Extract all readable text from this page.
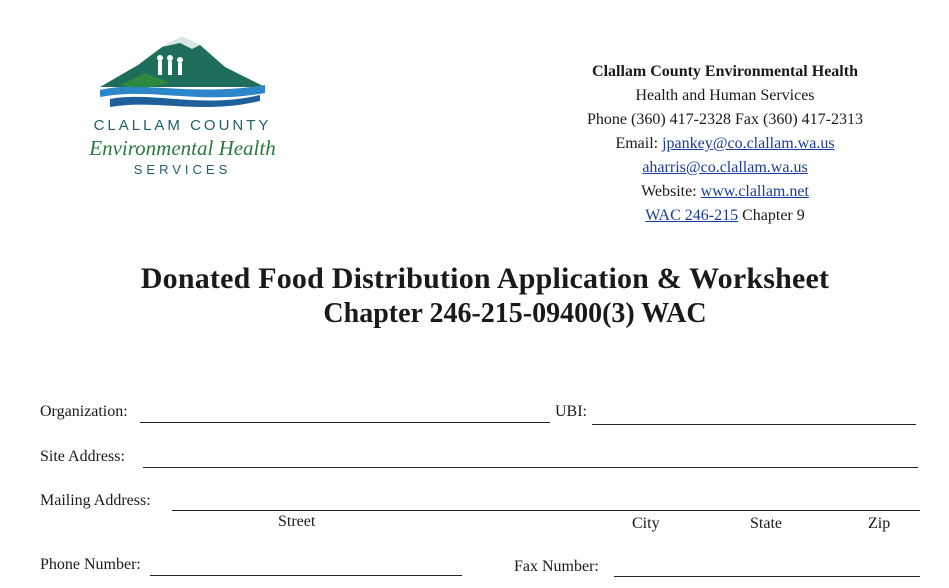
CLALLAM COUNTY
Environmental Health
SERVICES
Clallam County Environmental Health
Health and Human Services
Phone (360) 417-2328 Fax (360) 417-2313
Email: jpankey@co.clallam.wa.us
aharris@co.clallam.wa.us
Website: www.clallam.net
WAC 246-215 Chapter 9
Donated Food Distribution Application & Worksheet
Chapter 246-215-09400(3) WAC
Organization:	UBI:
Site Address:
Mailing Address:
Street	City	State	Zip
Phone Number:	Fax Number:
